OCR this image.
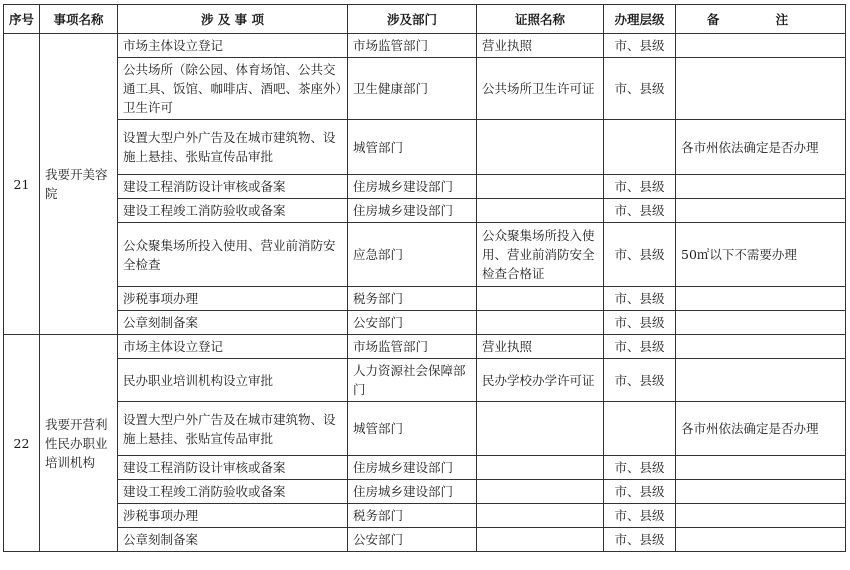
序号	事项名称	涉 及 事 项	涉及部门	证照名称	办理层级	备 注
21	我要开美容院	市场主体设立登记	市场监管部门	营业执照	市、县级	
		公共场所（除公园、体育场馆、公共交通工具、饭馆、咖啡店、酒吧、茶座外）卫生许可	卫生健康部门	公共场所卫生许可证	市、县级	
		设置大型户外广告及在城市建筑物、设施上悬挂、张贴宣传品审批	城管部门			各市州依法确定是否办理
		建设工程消防设计审核或备案	住房城乡建设部门		市、县级	
		建设工程竣工消防验收或备案	住房城乡建设部门		市、县级	
		公众聚集场所投入使用、营业前消防安全检查	应急部门	公众聚集场所投入使用、营业前消防安全检查合格证	市、县级	50㎡以下不需要办理
		涉税事项办理	税务部门		市、县级	
		公章刻制备案	公安部门		市、县级	
22	我要开营利性民办职业培训机构	市场主体设立登记	市场监管部门	营业执照	市、县级	
		民办职业培训机构设立审批	人力资源社会保障部门	民办学校办学许可证	市、县级	
		设置大型户外广告及在城市建筑物、设施上悬挂、张贴宣传品审批	城管部门			各市州依法确定是否办理
		建设工程消防设计审核或备案	住房城乡建设部门		市、县级	
		建设工程竣工消防验收或备案	住房城乡建设部门		市、县级	
		涉税事项办理	税务部门		市、县级	
		公章刻制备案	公安部门		市、县级	
